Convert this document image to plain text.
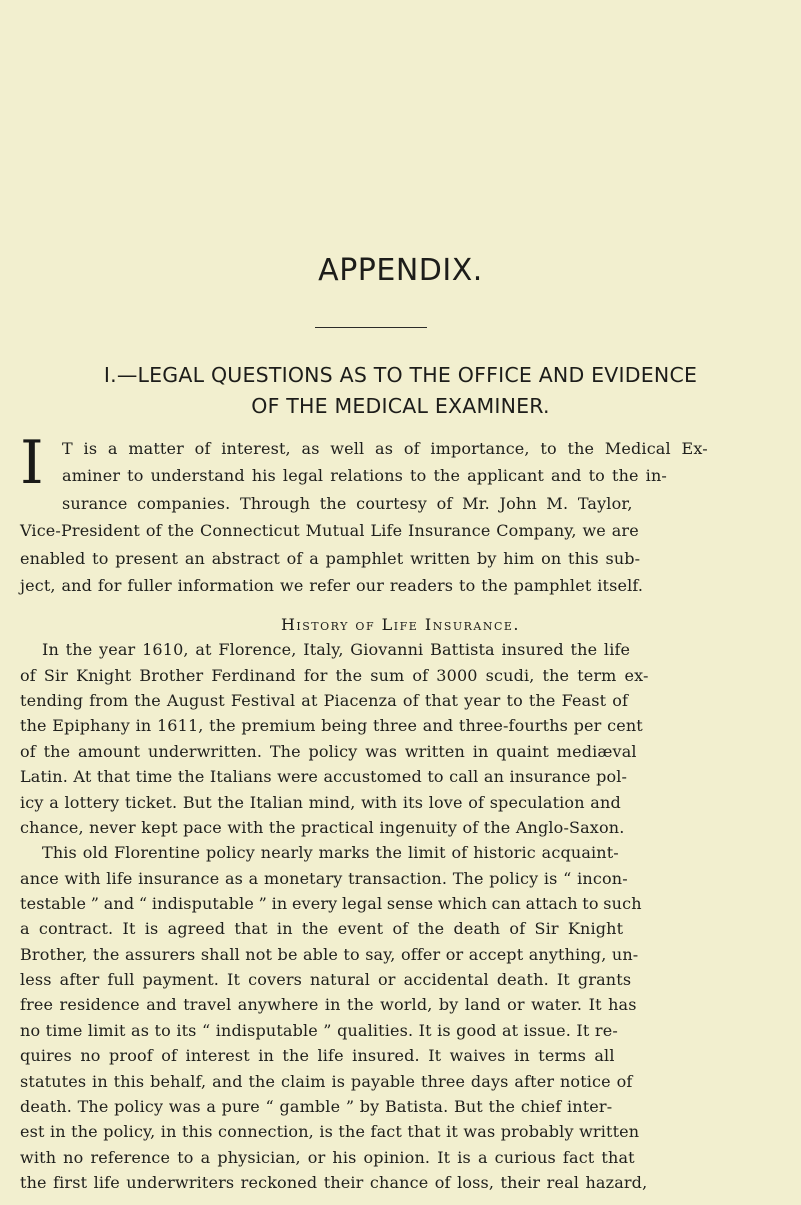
APPENDIX.
I.—LEGAL QUESTIONS AS TO THE OFFICE AND EVIDENCE
OF THE MEDICAL EXAMINER.
I T is a matter of interest, as well as of importance, to the Medical Ex-
aminer to understand his legal relations to the applicant and to the in-
surance companies. Through the courtesy of Mr. John M. Taylor,
Vice-President of the Connecticut Mutual Life Insurance Company, we are
enabled to present an abstract of a pamphlet written by him on this sub-
ject, and for fuller information we refer our readers to the pamphlet itself.
History of Life Insurance.
In the year 1610, at Florence, Italy, Giovanni Battista insured the life
of Sir Knight Brother Ferdinand for the sum of 3000 scudi, the term ex-
tending from the August Festival at Piacenza of that year to the Feast of
the Epiphany in 1611, the premium being three and three-fourths per cent
of the amount underwritten. The policy was written in quaint mediæval
Latin. At that time the Italians were accustomed to call an insurance pol-
icy a lottery ticket. But the Italian mind, with its love of speculation and
chance, never kept pace with the practical ingenuity of the Anglo-Saxon.
This old Florentine policy nearly marks the limit of historic acquaint-
ance with life insurance as a monetary transaction. The policy is “ incon-
testable ” and “ indisputable ” in every legal sense which can attach to such
a contract. It is agreed that in the event of the death of Sir Knight
Brother, the assurers shall not be able to say, offer or accept anything, un-
less after full payment. It covers natural or accidental death. It grants
free residence and travel anywhere in the world, by land or water. It has
no time limit as to its “ indisputable ” qualities. It is good at issue. It re-
quires no proof of interest in the life insured. It waives in terms all
statutes in this behalf, and the claim is payable three days after notice of
death. The policy was a pure “ gamble ” by Batista. But the chief inter-
est in the policy, in this connection, is the fact that it was probably written
with no reference to a physician, or his opinion. It is a curious fact that
the first life underwriters reckoned their chance of loss, their real hazard,
